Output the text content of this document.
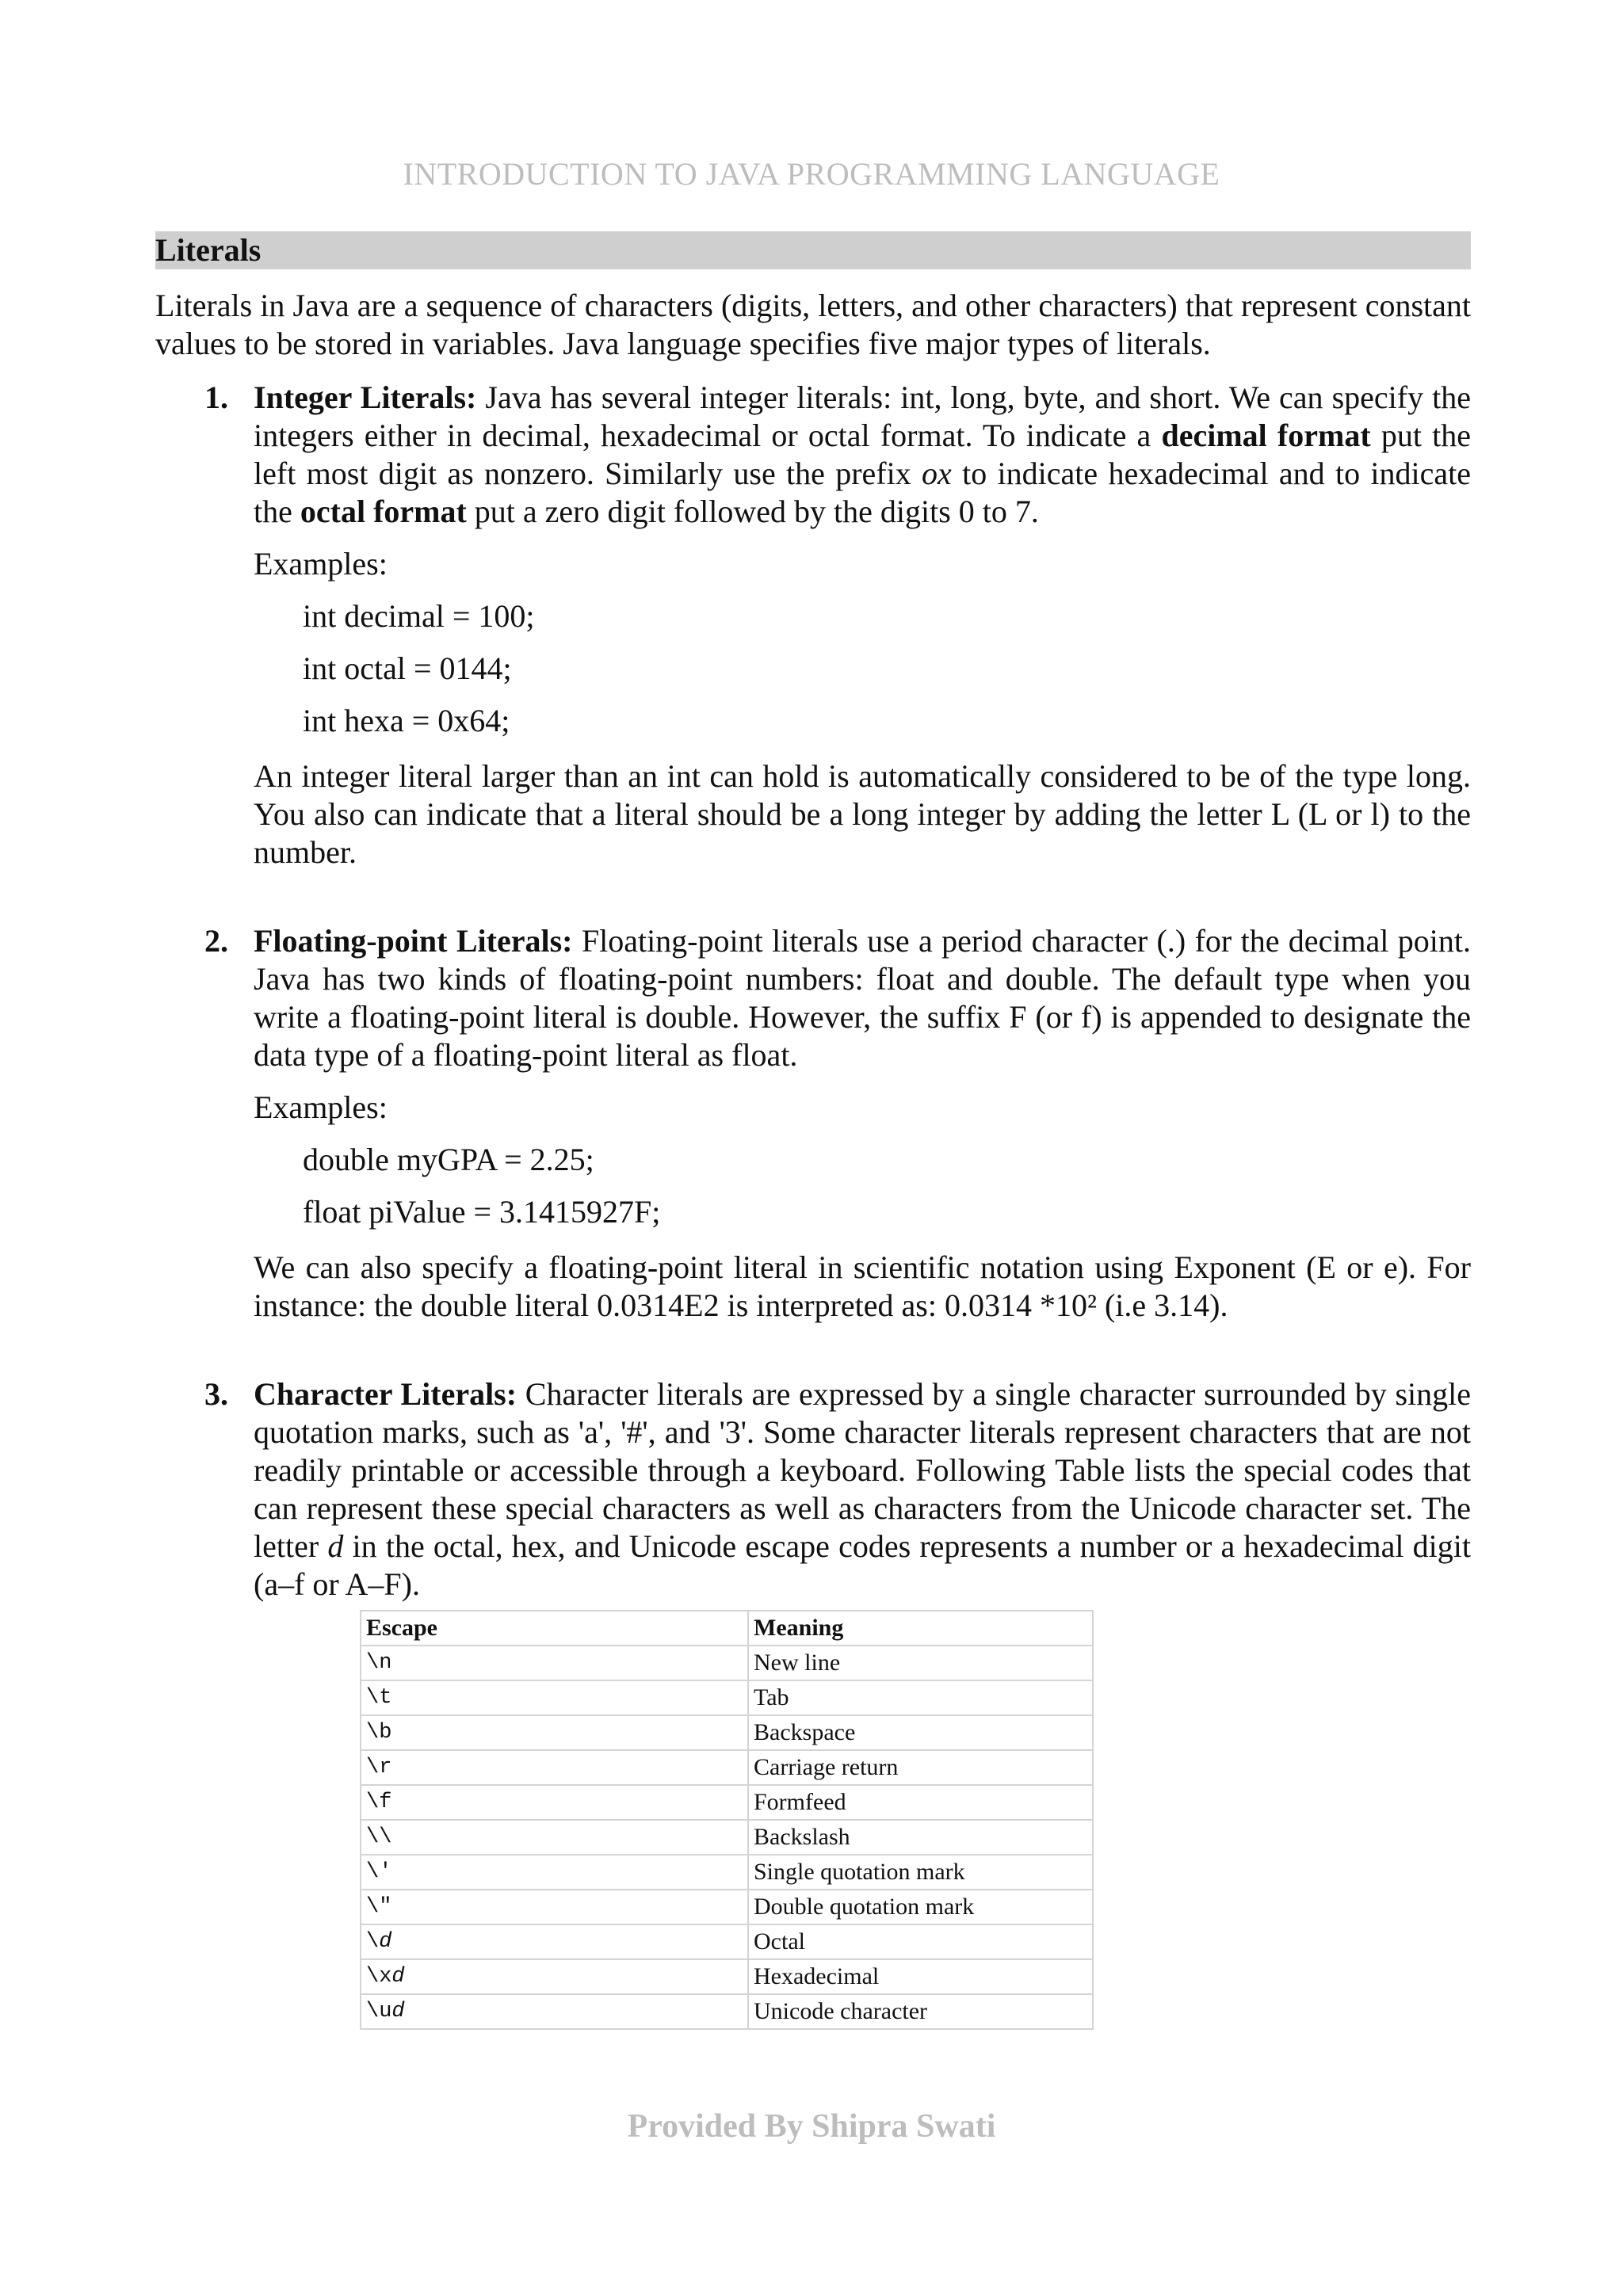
INTRODUCTION TO JAVA PROGRAMMING LANGUAGE
Literals
Literals in Java are a sequence of characters (digits, letters, and other characters) that represent constant values to be stored in variables. Java language specifies five major types of literals.
1. Integer Literals: Java has several integer literals: int, long, byte, and short. We can specify the integers either in decimal, hexadecimal or octal format. To indicate a decimal format put the left most digit as nonzero. Similarly use the prefix ox to indicate hexadecimal and to indicate the octal format put a zero digit followed by the digits 0 to 7.
Examples:
int decimal = 100;
int octal = 0144;
int hexa = 0x64;
An integer literal larger than an int can hold is automatically considered to be of the type long. You also can indicate that a literal should be a long integer by adding the letter L (L or l) to the number.
2. Floating-point Literals: Floating-point literals use a period character (.) for the decimal point. Java has two kinds of floating-point numbers: float and double. The default type when you write a floating-point literal is double. However, the suffix F (or f) is appended to designate the data type of a floating-point literal as float.
Examples:
double myGPA = 2.25;
float piValue = 3.1415927F;
We can also specify a floating-point literal in scientific notation using Exponent (E or e). For instance: the double literal 0.0314E2 is interpreted as: 0.0314 *10² (i.e 3.14).
3. Character Literals: Character literals are expressed by a single character surrounded by single quotation marks, such as 'a', '#', and '3'. Some character literals represent characters that are not readily printable or accessible through a keyboard. Following Table lists the special codes that can represent these special characters as well as characters from the Unicode character set. The letter d in the octal, hex, and Unicode escape codes represents a number or a hexadecimal digit (a–f or A–F).
Escape	Meaning
\n	New line
\t	Tab
\b	Backspace
\r	Carriage return
\f	Formfeed
\\	Backslash
\'	Single quotation mark
\"	Double quotation mark
\d	Octal
\xd	Hexadecimal
\ud	Unicode character
Provided By Shipra Swati
